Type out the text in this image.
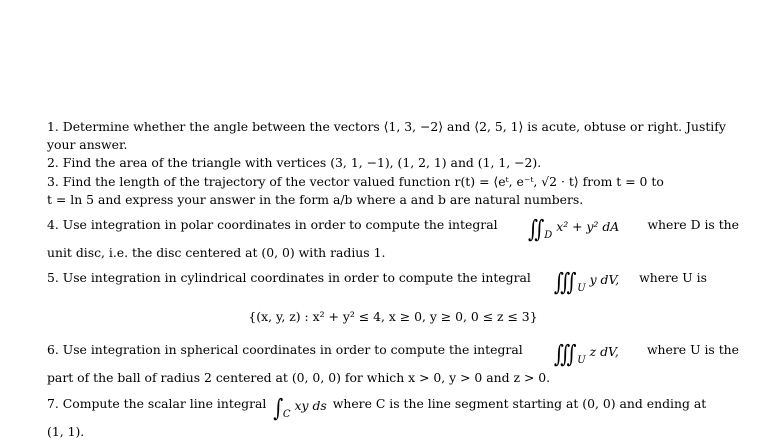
1. Determine whether the angle between the vectors ⟨1, 3, −2⟩ and ⟨2, 5, 1⟩ is acute, obtuse or right. Justify
your answer.
2. Find the area of the triangle with vertices (3, 1, −1), (1, 2, 1) and (1, 1, −2).
3. Find the length of the trajectory of the vector valued function r(t) = ⟨eᵗ, e⁻ᵗ, √2 · t⟩ from t = 0 to
t = ln 5 and express your answer in the form a/b where a and b are natural numbers.
4. Use integration in polar coordinates in order to compute the integral $∬_D$ x² + y² dA where D is the
unit disc, i.e. the disc centered at (0, 0) with radius 1.
5. Use integration in cylindrical coordinates in order to compute the integral $∭_U$ y dV, where U is
{(x, y, z) : x² + y² ≤ 4, x ≥ 0, y ≥ 0, 0 ≤ z ≤ 3}
6. Use integration in spherical coordinates in order to compute the integral $∭_U$ z dV, where U is the
part of the ball of radius 2 centered at (0, 0, 0) for which x > 0, y > 0 and z > 0.
7. Compute the scalar line integral $\int_C$ xy ds where C is the line segment starting at (0, 0) and ending at
(1, 1).
